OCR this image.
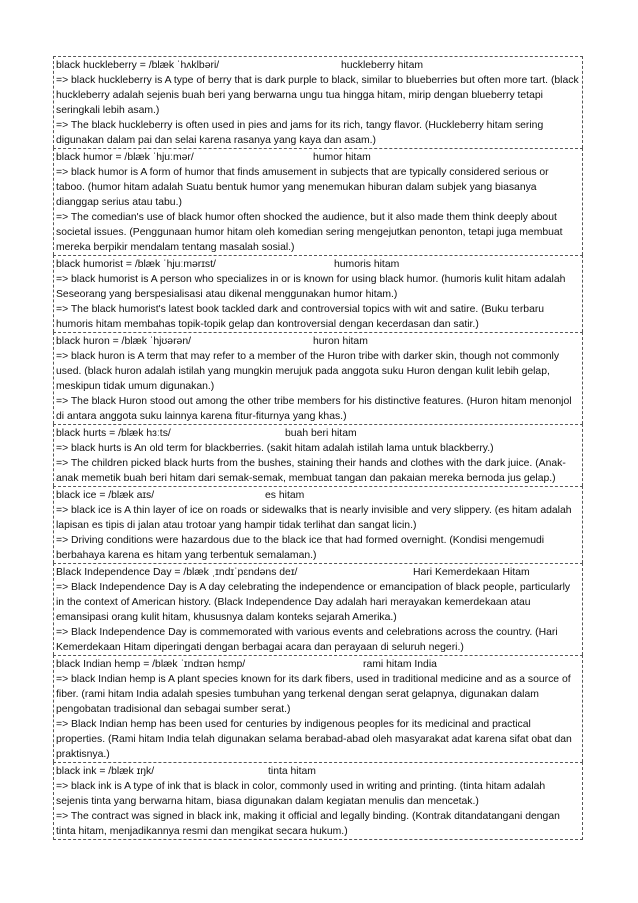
black huckleberry = /blæk ˈhʌklbəri/	huckleberry hitam
=> black huckleberry is A type of berry that is dark purple to black, similar to blueberries but often more tart. (black huckleberry adalah sejenis buah beri yang berwarna ungu tua hingga hitam, mirip dengan blueberry tetapi seringkali lebih asam.)
=> The black huckleberry is often used in pies and jams for its rich, tangy flavor. (Huckleberry hitam sering digunakan dalam pai dan selai karena rasanya yang kaya dan asam.)
black humor = /blæk ˈhjuːmər/	humor hitam
=> black humor is A form of humor that finds amusement in subjects that are typically considered serious or taboo. (humor hitam adalah Suatu bentuk humor yang menemukan hiburan dalam subjek yang biasanya dianggap serius atau tabu.)
=> The comedian's use of black humor often shocked the audience, but it also made them think deeply about societal issues. (Penggunaan humor hitam oleh komedian sering mengejutkan penonton, tetapi juga membuat mereka berpikir mendalam tentang masalah sosial.)
black humorist = /blæk ˈhjuːmərɪst/	humoris hitam
=> black humorist is A person who specializes in or is known for using black humor. (humoris kulit hitam adalah Seseorang yang berspesialisasi atau dikenal menggunakan humor hitam.)
=> The black humorist's latest book tackled dark and controversial topics with wit and satire. (Buku terbaru humoris hitam membahas topik-topik gelap dan kontroversial dengan kecerdasan dan satir.)
black huron = /blæk ˈhjʊərən/	huron hitam
=> black huron is A term that may refer to a member of the Huron tribe with darker skin, though not commonly used. (black huron adalah istilah yang mungkin merujuk pada anggota suku Huron dengan kulit lebih gelap, meskipun tidak umum digunakan.)
=> The black Huron stood out among the other tribe members for his distinctive features. (Huron hitam menonjol di antara anggota suku lainnya karena fitur-fiturnya yang khas.)
black hurts = /blæk hɜːts/	buah beri hitam
=> black hurts is An old term for blackberries. (sakit hitam adalah istilah lama untuk blackberry.)
=> The children picked black hurts from the bushes, staining their hands and clothes with the dark juice. (Anak-anak memetik buah beri hitam dari semak-semak, membuat tangan dan pakaian mereka bernoda jus gelap.)
black ice = /blæk aɪs/	es hitam
=> black ice is A thin layer of ice on roads or sidewalks that is nearly invisible and very slippery. (es hitam adalah lapisan es tipis di jalan atau trotoar yang hampir tidak terlihat dan sangat licin.)
=> Driving conditions were hazardous due to the black ice that had formed overnight. (Kondisi mengemudi berbahaya karena es hitam yang terbentuk semalaman.)
Black Independence Day = /blæk ˌɪndɪˈpɛndəns deɪ/	Hari Kemerdekaan Hitam
=> Black Independence Day is A day celebrating the independence or emancipation of black people, particularly in the context of American history. (Black Independence Day adalah hari merayakan kemerdekaan atau emansipasi orang kulit hitam, khususnya dalam konteks sejarah Amerika.)
=> Black Independence Day is commemorated with various events and celebrations across the country. (Hari Kemerdekaan Hitam diperingati dengan berbagai acara dan perayaan di seluruh negeri.)
black Indian hemp = /blæk ˈɪndɪən hɛmp/	rami hitam India
=> black Indian hemp is A plant species known for its dark fibers, used in traditional medicine and as a source of fiber. (rami hitam India adalah spesies tumbuhan yang terkenal dengan serat gelapnya, digunakan dalam pengobatan tradisional dan sebagai sumber serat.)
=> Black Indian hemp has been used for centuries by indigenous peoples for its medicinal and practical properties. (Rami hitam India telah digunakan selama berabad-abad oleh masyarakat adat karena sifat obat dan praktisnya.)
black ink = /blæk ɪŋk/	tinta hitam
=> black ink is A type of ink that is black in color, commonly used in writing and printing. (tinta hitam adalah sejenis tinta yang berwarna hitam, biasa digunakan dalam kegiatan menulis dan mencetak.)
=> The contract was signed in black ink, making it official and legally binding. (Kontrak ditandatangani dengan tinta hitam, menjadikannya resmi dan mengikat secara hukum.)
